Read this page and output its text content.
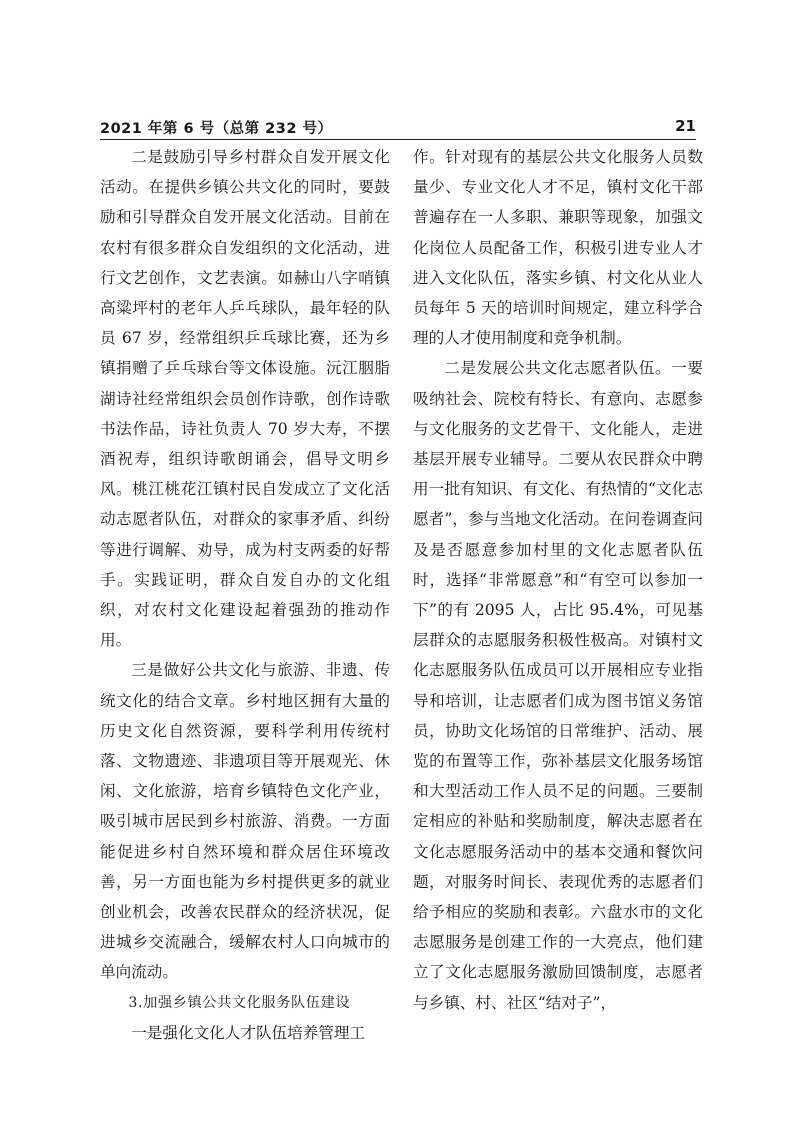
2021 年第 6 号（总第 232 号）	21

二是鼓励引导乡村群众自发开展文化活动。在提供乡镇公共文化的同时，要鼓励和引导群众自发开展文化活动。目前在农村有很多群众自发组织的文化活动，进行文艺创作，文艺表演。如赫山八字哨镇高粱坪村的老年人乒乓球队，最年轻的队员 67 岁，经常组织乒乓球比赛，还为乡镇捐赠了乒乓球台等文体设施。沅江胭脂湖诗社经常组织会员创作诗歌，创作诗歌书法作品，诗社负责人 70 岁大寿，不摆酒祝寿，组织诗歌朗诵会，倡导文明乡风。桃江桃花江镇村民自发成立了文化活动志愿者队伍，对群众的家事矛盾、纠纷等进行调解、劝导，成为村支两委的好帮手。实践证明，群众自发自办的文化组织，对农村文化建设起着强劲的推动作用。

三是做好公共文化与旅游、非遗、传统文化的结合文章。乡村地区拥有大量的历史文化自然资源，要科学利用传统村落、文物遗迹、非遗项目等开展观光、休闲、文化旅游，培育乡镇特色文化产业，吸引城市居民到乡村旅游、消费。一方面能促进乡村自然环境和群众居住环境改善，另一方面也能为乡村提供更多的就业创业机会，改善农民群众的经济状况，促进城乡交流融合，缓解农村人口向城市的单向流动。

3.加强乡镇公共文化服务队伍建设

一是强化文化人才队伍培养管理工

作。针对现有的基层公共文化服务人员数量少、专业文化人才不足，镇村文化干部普遍存在一人多职、兼职等现象，加强文化岗位人员配备工作，积极引进专业人才进入文化队伍，落实乡镇、村文化从业人员每年 5 天的培训时间规定，建立科学合理的人才使用制度和竞争机制。

二是发展公共文化志愿者队伍。一要吸纳社会、院校有特长、有意向、志愿参与文化服务的文艺骨干、文化能人，走进基层开展专业辅导。二要从农民群众中聘用一批有知识、有文化、有热情的“文化志愿者”，参与当地文化活动。在问卷调查问及是否愿意参加村里的文化志愿者队伍时，选择“非常愿意”和“有空可以参加一下”的有 2095 人，占比 95.4%，可见基层群众的志愿服务积极性极高。对镇村文化志愿服务队伍成员可以开展相应专业指导和培训，让志愿者们成为图书馆义务馆员，协助文化场馆的日常维护、活动、展览的布置等工作，弥补基层文化服务场馆和大型活动工作人员不足的问题。三要制定相应的补贴和奖励制度，解决志愿者在文化志愿服务活动中的基本交通和餐饮问题，对服务时间长、表现优秀的志愿者们给予相应的奖励和表彰。六盘水市的文化志愿服务是创建工作的一大亮点，他们建立了文化志愿服务激励回馈制度，志愿者与乡镇、村、社区“结对子”，
